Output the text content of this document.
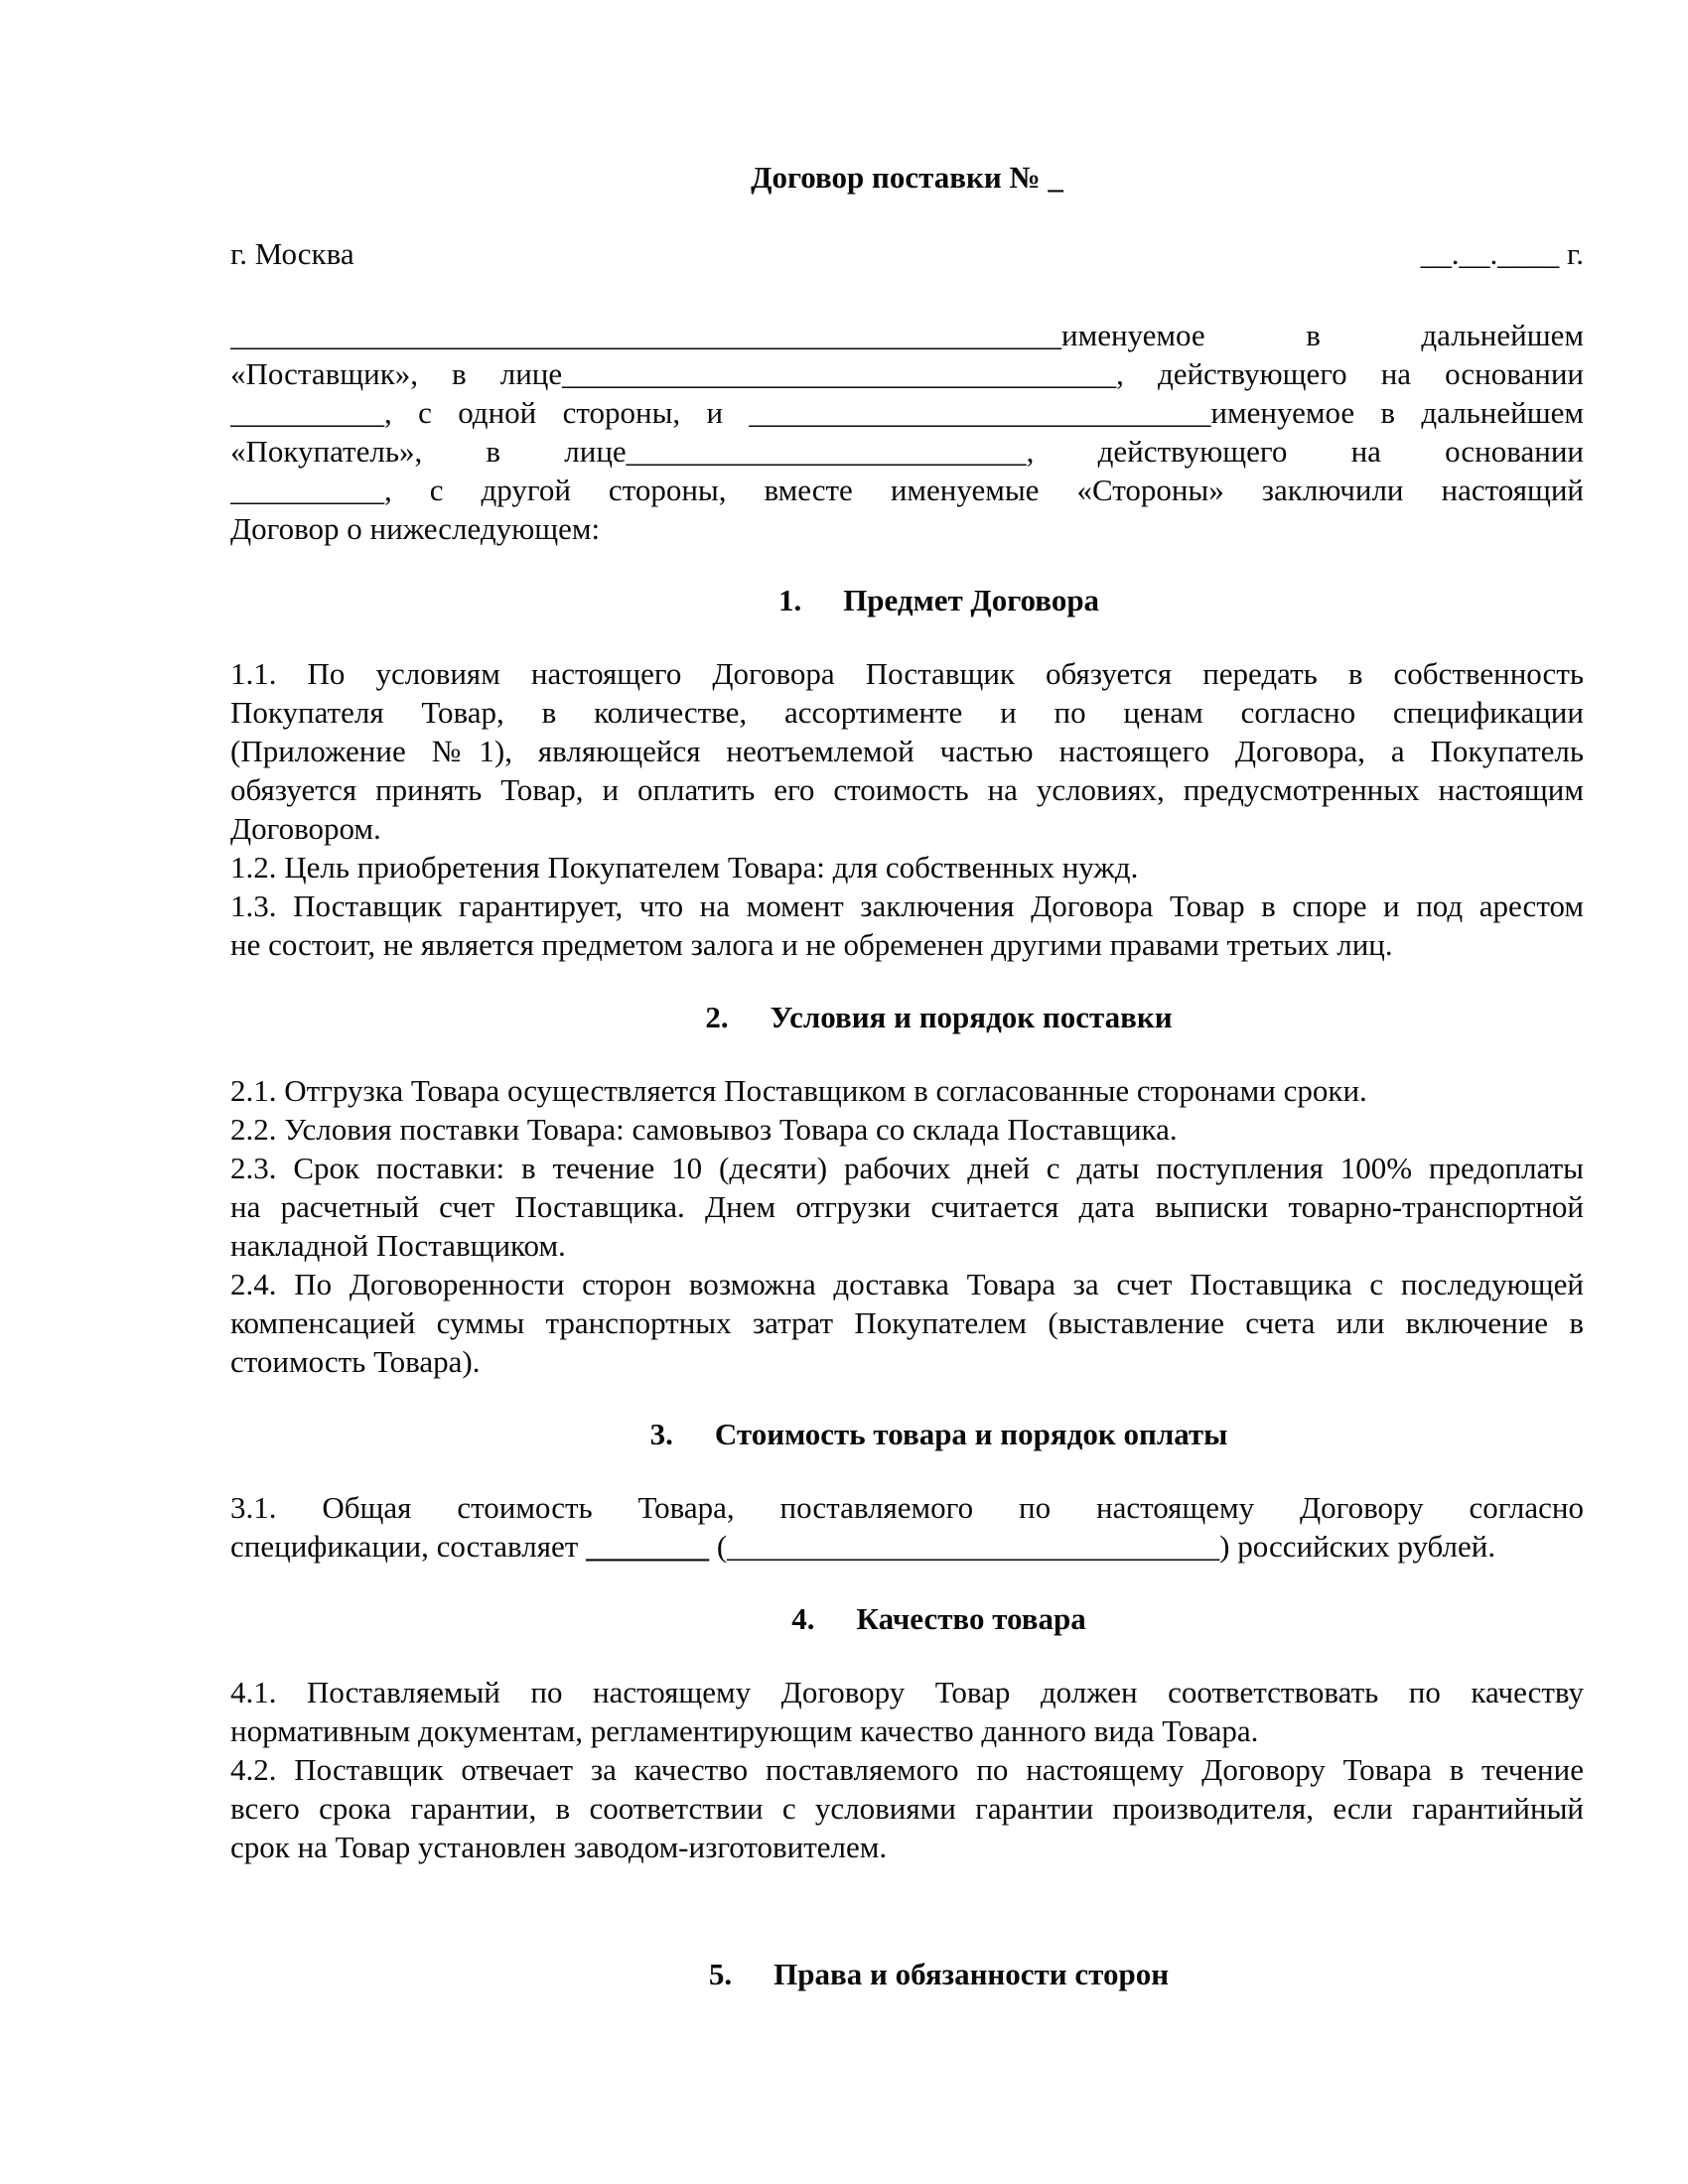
Договор поставки № _
г. Москва	__.__.____ г.
______________________________________________________именуемое в дальнейшем
«Поставщик», в лице____________________________________, действующего на основании
__________, с одной стороны, и ______________________________именуемое в дальнейшем
«Покупатель», в лице__________________________, действующего на основании
__________, с другой стороны, вместе именуемые «Стороны» заключили настоящий
Договор о нижеследующем:
1. Предмет Договора
1.1. По условиям настоящего Договора Поставщик обязуется передать в собственность
Покупателя Товар, в количестве, ассортименте и по ценам согласно спецификации
(Приложение №1), являющейся неотъемлемой частью настоящего Договора, а Покупатель
обязуется принять Товар, и оплатить его стоимость на условиях, предусмотренных настоящим
Договором.
1.2. Цель приобретения Покупателем Товара: для собственных нужд.
1.3. Поставщик гарантирует, что на момент заключения Договора Товар в споре и под арестом
не состоит, не является предметом залога и не обременен другими правами третьих лиц.
2. Условия и порядок поставки
2.1. Отгрузка Товара осуществляется Поставщиком в согласованные сторонами сроки.
2.2. Условия поставки Товара: самовывоз Товара со склада Поставщика.
2.3. Срок поставки: в течение 10 (десяти) рабочих дней с даты поступления 100% предоплаты
на расчетный счет Поставщика. Днем отгрузки считается дата выписки товарно-транспортной
накладной Поставщиком.
2.4. По Договоренности сторон возможна доставка Товара за счет Поставщика с последующей
компенсацией суммы транспортных затрат Покупателем (выставление счета или включение в
стоимость Товара).
3. Стоимость товара и порядок оплаты
3.1. Общая стоимость Товара, поставляемого по настоящему Договору согласно
спецификации, составляет ________ (________________________________) российских рублей.
4. Качество товара
4.1. Поставляемый по настоящему Договору Товар должен соответствовать по качеству
нормативным документам, регламентирующим качество данного вида Товара.
4.2. Поставщик отвечает за качество поставляемого по настоящему Договору Товара в течение
всего срока гарантии, в соответствии с условиями гарантии производителя, если гарантийный
срок на Товар установлен заводом-изготовителем.
5. Права и обязанности сторон
